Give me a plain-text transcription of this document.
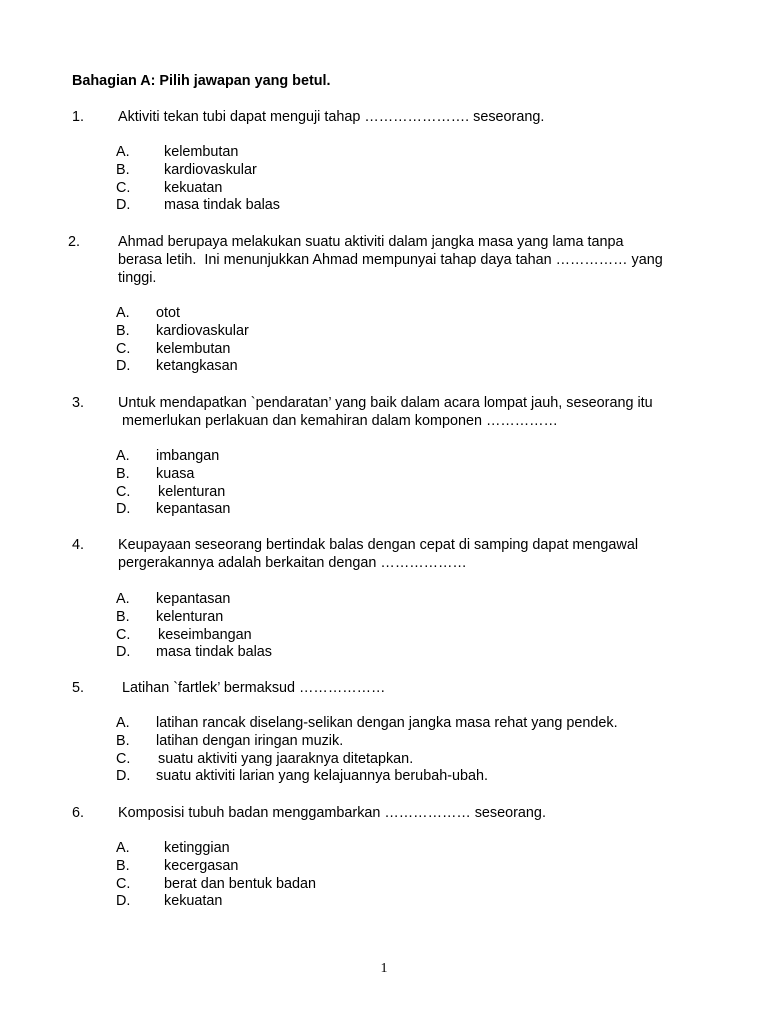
Bahagian A: Pilih jawapan yang betul.
1. Aktiviti tekan tubi dapat menguji tahap …………………. seseorang.
A. kelembutan
B. kardiovaskular
C. kekuatan
D. masa tindak balas
2.	Ahmad berupaya melakukan suatu aktiviti dalam jangka masa yang lama tanpa
berasa letih.  Ini menunjukkan Ahmad mempunyai tahap daya tahan …………… yang
tinggi.
A. otot
B. kardiovaskular
C. kelembutan
D. ketangkasan
3. Untuk mendapatkan `pendaratan’ yang baik dalam acara lompat jauh, seseorang itu
memerlukan perlakuan dan kemahiran dalam komponen ……………
A. imbangan
B. kuasa
C. kelenturan
D. kepantasan
4. Keupayaan seseorang bertindak balas dengan cepat di samping dapat mengawal
pergerakannya adalah berkaitan dengan ………………
A. kepantasan
B. kelenturan
C. keseimbangan
D. masa tindak balas
5.	Latihan `fartlek’ bermaksud ………………
A. latihan rancak diselang-selikan dengan jangka masa rehat yang pendek.
B. latihan dengan iringan muzik.
C. suatu aktiviti yang jaaraknya ditetapkan.
D. suatu aktiviti larian yang kelajuannya berubah-ubah.
6. Komposisi tubuh badan menggambarkan ……………… seseorang.
A. ketinggian
B. kecergasan
C. berat dan bentuk badan
D. kekuatan
1
